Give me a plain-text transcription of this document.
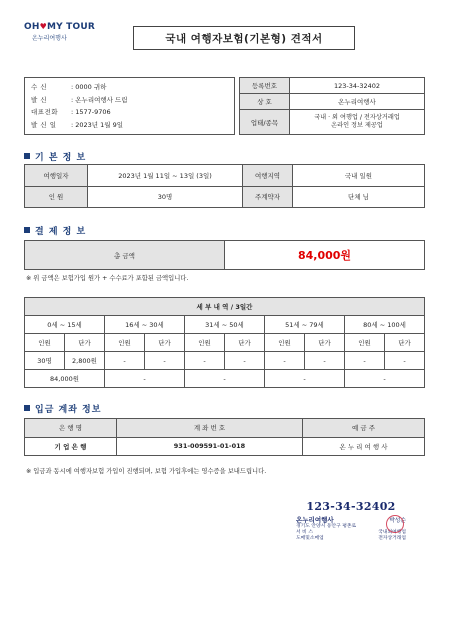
OH♥MY TOUR
온누리여행사	국내 여행자보험(기본형) 견적서
수 신	: 0000 귀하
발 신	: 온누리여행사 드림
대표전화 : 1577-9706
발 신 일 : 2023년 1월 9일
등록번호	123-34-32402
상 호	온누리여행사
업태/종목	국내 · 외 여행업 / 전자상거래업
온라인 정보 제공업
기 본 정 보
여행일자	2023년 1월 11일 ~ 13일 (3일)	여행지역	국내 일원
인 원	30명	주계약자	단체 님
결 제 정 보
총 금액	84,000원
※ 위 금액은 보험가입 원가 + 수수료가 포함된 금액입니다.
세 부 내 역 / 3일간									
0세 ~ 15세		16세 ~ 30세		31세 ~ 50세		51세 ~ 79세		80세 ~ 100세	
인원	단가	인원	단가	인원	단가	인원	단가	인원	단가
30명	2,800원	-	-	-	-	-	-	-	-
84,000원		-		-		-		-	
입금 계좌 정보
은 행 명	계 좌 번 호	예 금 주
기 업 은 행	931-009591-01-018	온 누 리 여 행 사
※ 입금과 동시에 여행자보험 가입이 진행되며, 보험 가입후에는 영수증을 보내드립니다.
123-34-32402
온누리여행사	박성순
경기도 안양시 동안구 평촌로
서 비 스	국내외여행업
도매및소매업	전자상거래업
